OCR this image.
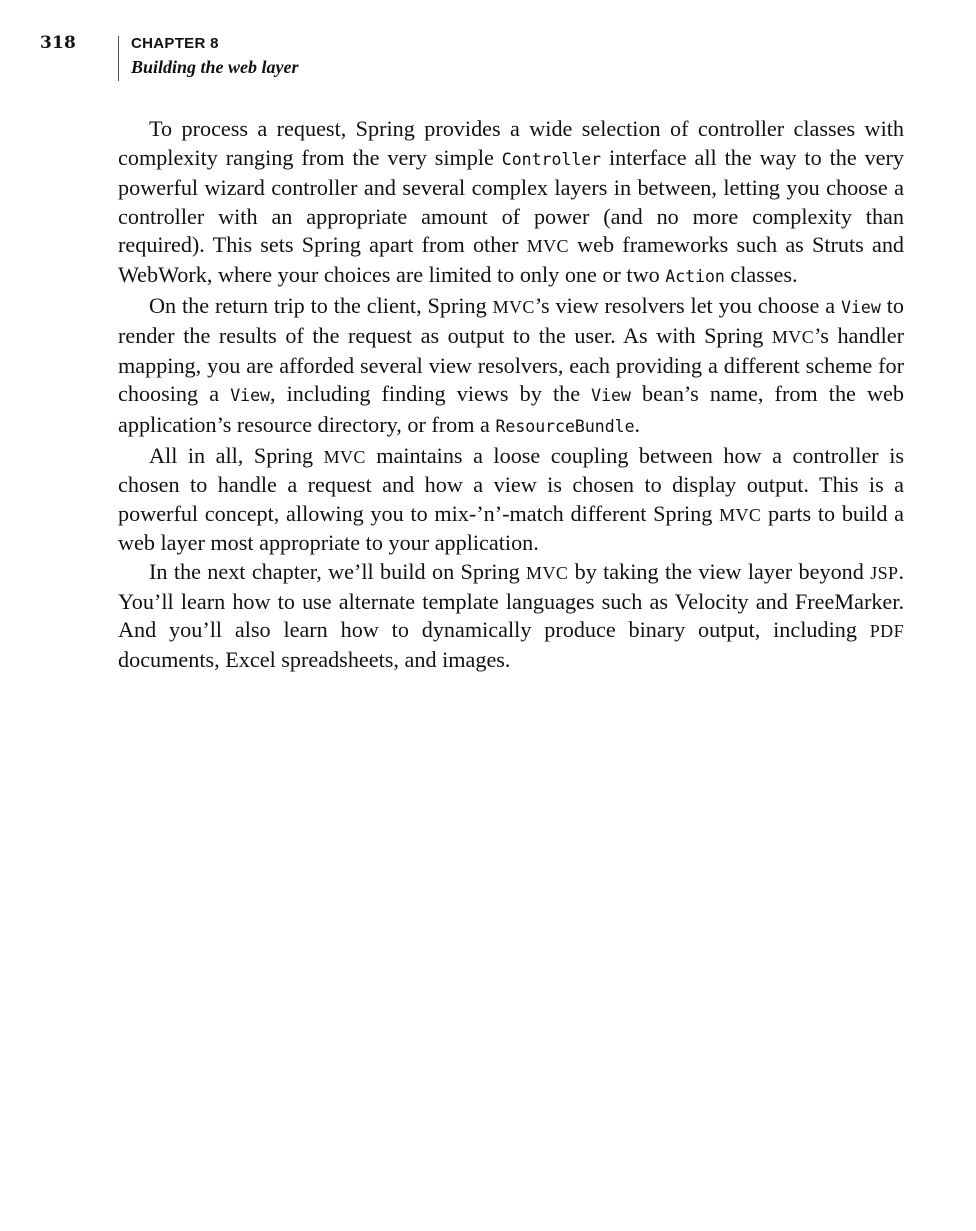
318	CHAPTER 8
Building the web layer

To process a request, Spring provides a wide selection of controller classes with complexity ranging from the very simple Controller interface all the way to the very powerful wizard controller and several complex layers in between, letting you choose a controller with an appropriate amount of power (and no more complexity than required). This sets Spring apart from other MVC web frameworks such as Struts and WebWork, where your choices are limited to only one or two Action classes.

On the return trip to the client, Spring MVC’s view resolvers let you choose a View to render the results of the request as output to the user. As with Spring MVC’s handler mapping, you are afforded several view resolvers, each providing a different scheme for choosing a View, including finding views by the View bean’s name, from the web application’s resource directory, or from a ResourceBundle.

All in all, Spring MVC maintains a loose coupling between how a controller is chosen to handle a request and how a view is chosen to display output. This is a powerful concept, allowing you to mix-’n’-match different Spring MVC parts to build a web layer most appropriate to your application.

In the next chapter, we’ll build on Spring MVC by taking the view layer beyond JSP. You’ll learn how to use alternate template languages such as Velocity and FreeMarker. And you’ll also learn how to dynamically produce binary output, including PDF documents, Excel spreadsheets, and images.
